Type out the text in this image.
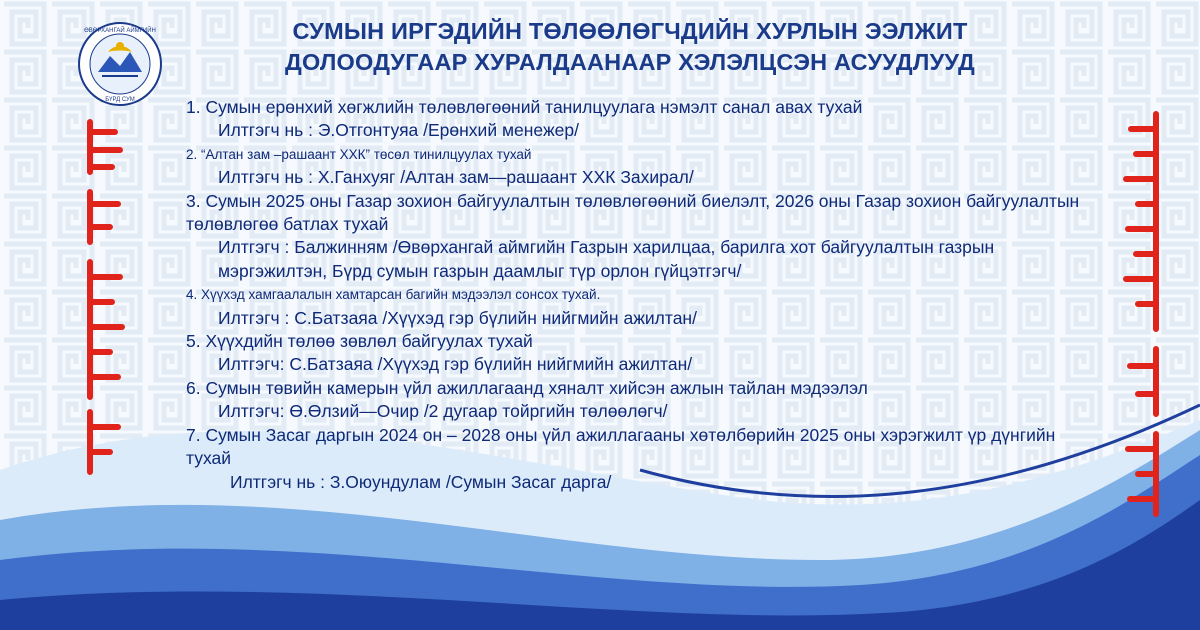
ӨВӨРХАНГАЙ АЙМГИЙН
БҮРД СУМ
СУМЫН ИРГЭДИЙН ТӨЛӨӨЛӨГЧДИЙН ХУРЛЫН ЭЭЛЖИТ
ДОЛООДУГААР ХУРАЛДААНААР ХЭЛЭЛЦСЭН АСУУДЛУУД
1. Сумын ерөнхий хөгжлийн төлөвлөгөөний танилцуулага нэмэлт санал авах тухай
Илтгэгч нь : Э.Отгонтуяа /Ерөнхий менежер/
2. “Алтан зам –рашаант ХХК” төсөл тинилцуулах тухай
Илтгэгч нь : Х.Ганхуяг /Алтан зам—рашаант ХХК Захирал/
3. Сумын 2025 оны Газар зохион байгуулалтын төлөвлөгөөний биелэлт, 2026 оны Газар зохион байгуулалтын төлөвлөгөө батлах тухай
Илтгэгч : Балжинням /Өвөрхангай аймгийн Газрын харилцаа, барилга хот байгуулалтын газрын мэргэжилтэн, Бүрд сумын газрын даамлыг түр орлон гүйцэтгэгч/
4. Хүүхэд хамгаалалын хамтарсан багийн мэдээлэл сонсох тухай.
Илтгэгч : С.Батзаяа /Хүүхэд гэр бүлийн нийгмийн ажилтан/
5. Хүүхдийн төлөө зөвлөл байгуулах тухай
Илтгэгч: С.Батзаяа /Хүүхэд гэр бүлийн нийгмийн ажилтан/
6. Сумын төвийн камерын үйл ажиллагаанд хяналт хийсэн ажлын тайлан мэдээлэл
Илтгэгч: Ө.Өлзий—Очир /2 дугаар тойргийн төлөөлөгч/
7. Сумын Засаг даргын 2024 он – 2028 оны үйл ажиллагааны хөтөлбөрийн 2025 оны хэрэгжилт үр дүнгийн тухай
Илтгэгч нь : З.Оюундулам /Сумын Засаг дарга/
